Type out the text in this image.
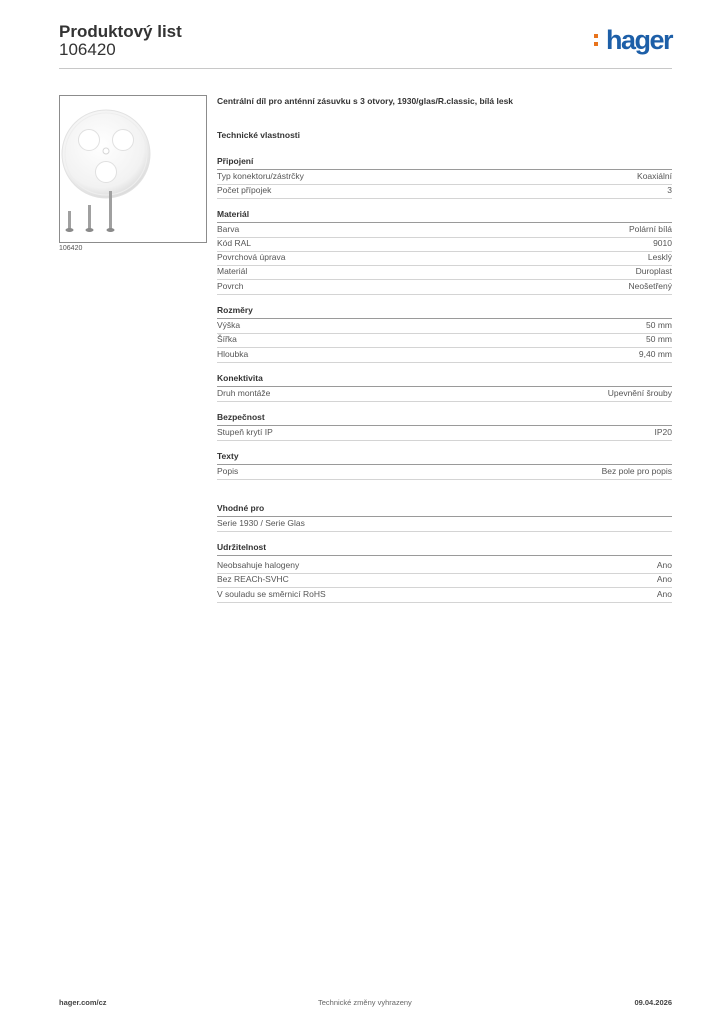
Produktový list
106420	hager
106420
Centrální díl pro anténní zásuvku s 3 otvory, 1930/glas/R.classic, bílá lesk
Technické vlastnosti
Připojení
Typ konektoru/zástrčky	Koaxiální
Počet přípojek	3
Materiál
Barva	Polární bílá
Kód RAL	9010
Povrchová úprava	Lesklý
Materiál	Duroplast
Povrch	Neošetřený
Rozměry
Výška	50 mm
Šířka	50 mm
Hloubka	9,40 mm
Konektivita
Druh montáže	Upevnění šrouby
Bezpečnost
Stupeň krytí IP	IP20
Texty
Popis	Bez pole pro popis
Vhodné pro
Serie 1930 / Serie Glas
Udržitelnost
Neobsahuje halogeny	Ano
Bez REACh-SVHC	Ano
V souladu se směrnicí RoHS	Ano
hager.com/cz	Technické změny vyhrazeny	09.04.2026
